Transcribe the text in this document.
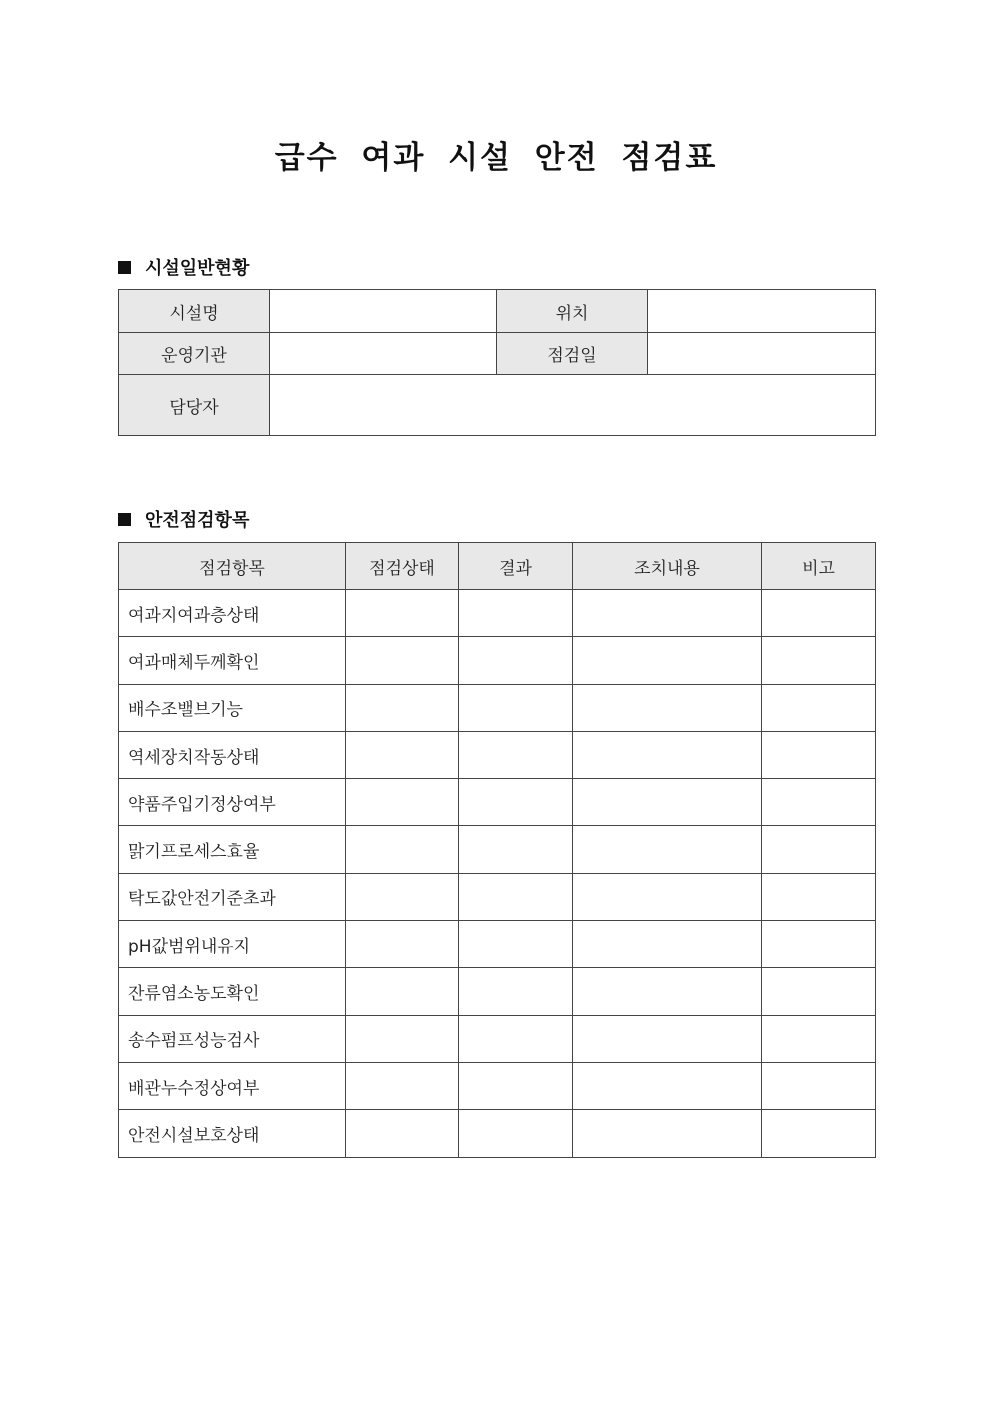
급수 여과 시설 안전 점검표
시설일반현황
시설명		위치	
운영기관		점검일	
담당자			
안전점검항목
점검항목	점검상태	결과	조치내용	비고
여과지여과층상태				
여과매체두께확인				
배수조밸브기능				
역세장치작동상태				
약품주입기정상여부				
맑기프로세스효율				
탁도값안전기준초과				
pH값범위내유지				
잔류염소농도확인				
송수펌프성능검사				
배관누수정상여부				
안전시설보호상태				
